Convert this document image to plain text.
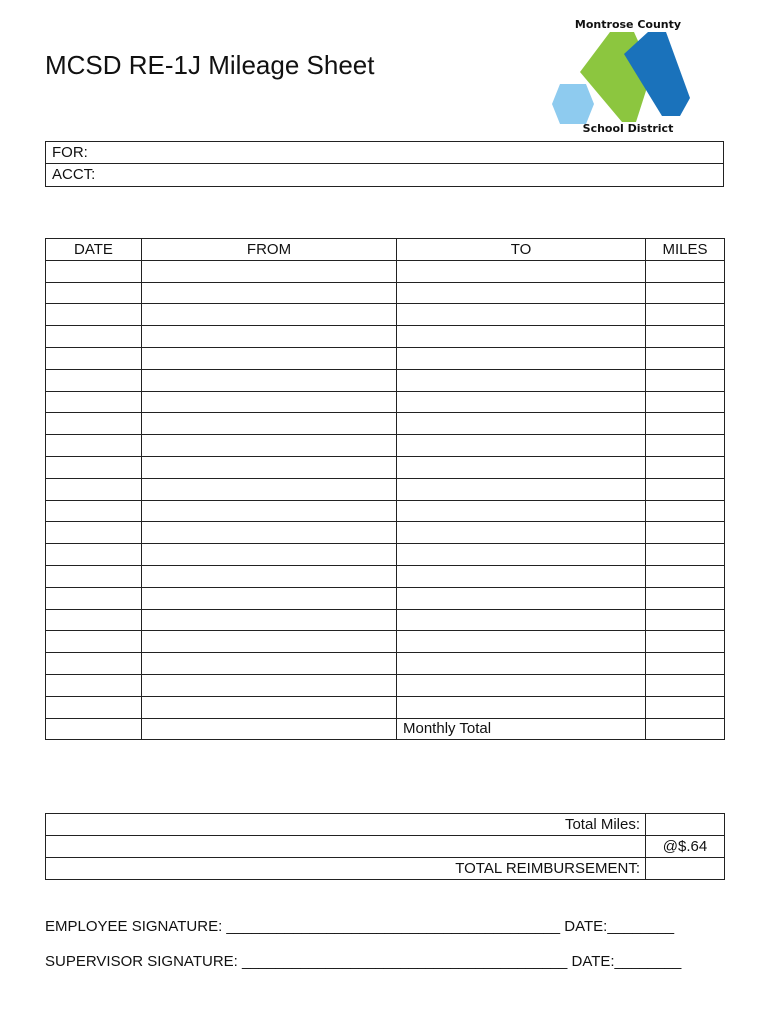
MCSD RE-1J Mileage Sheet
Montrose County
School District
FOR:
ACCT:
DATE	FROM	TO	MILES

		Monthly Total	
Total Miles:	
	@$.64
TOTAL REIMBURSEMENT:	
EMPLOYEE SIGNATURE: ________________________________________ DATE:________
SUPERVISOR SIGNATURE: _______________________________________ DATE:________
